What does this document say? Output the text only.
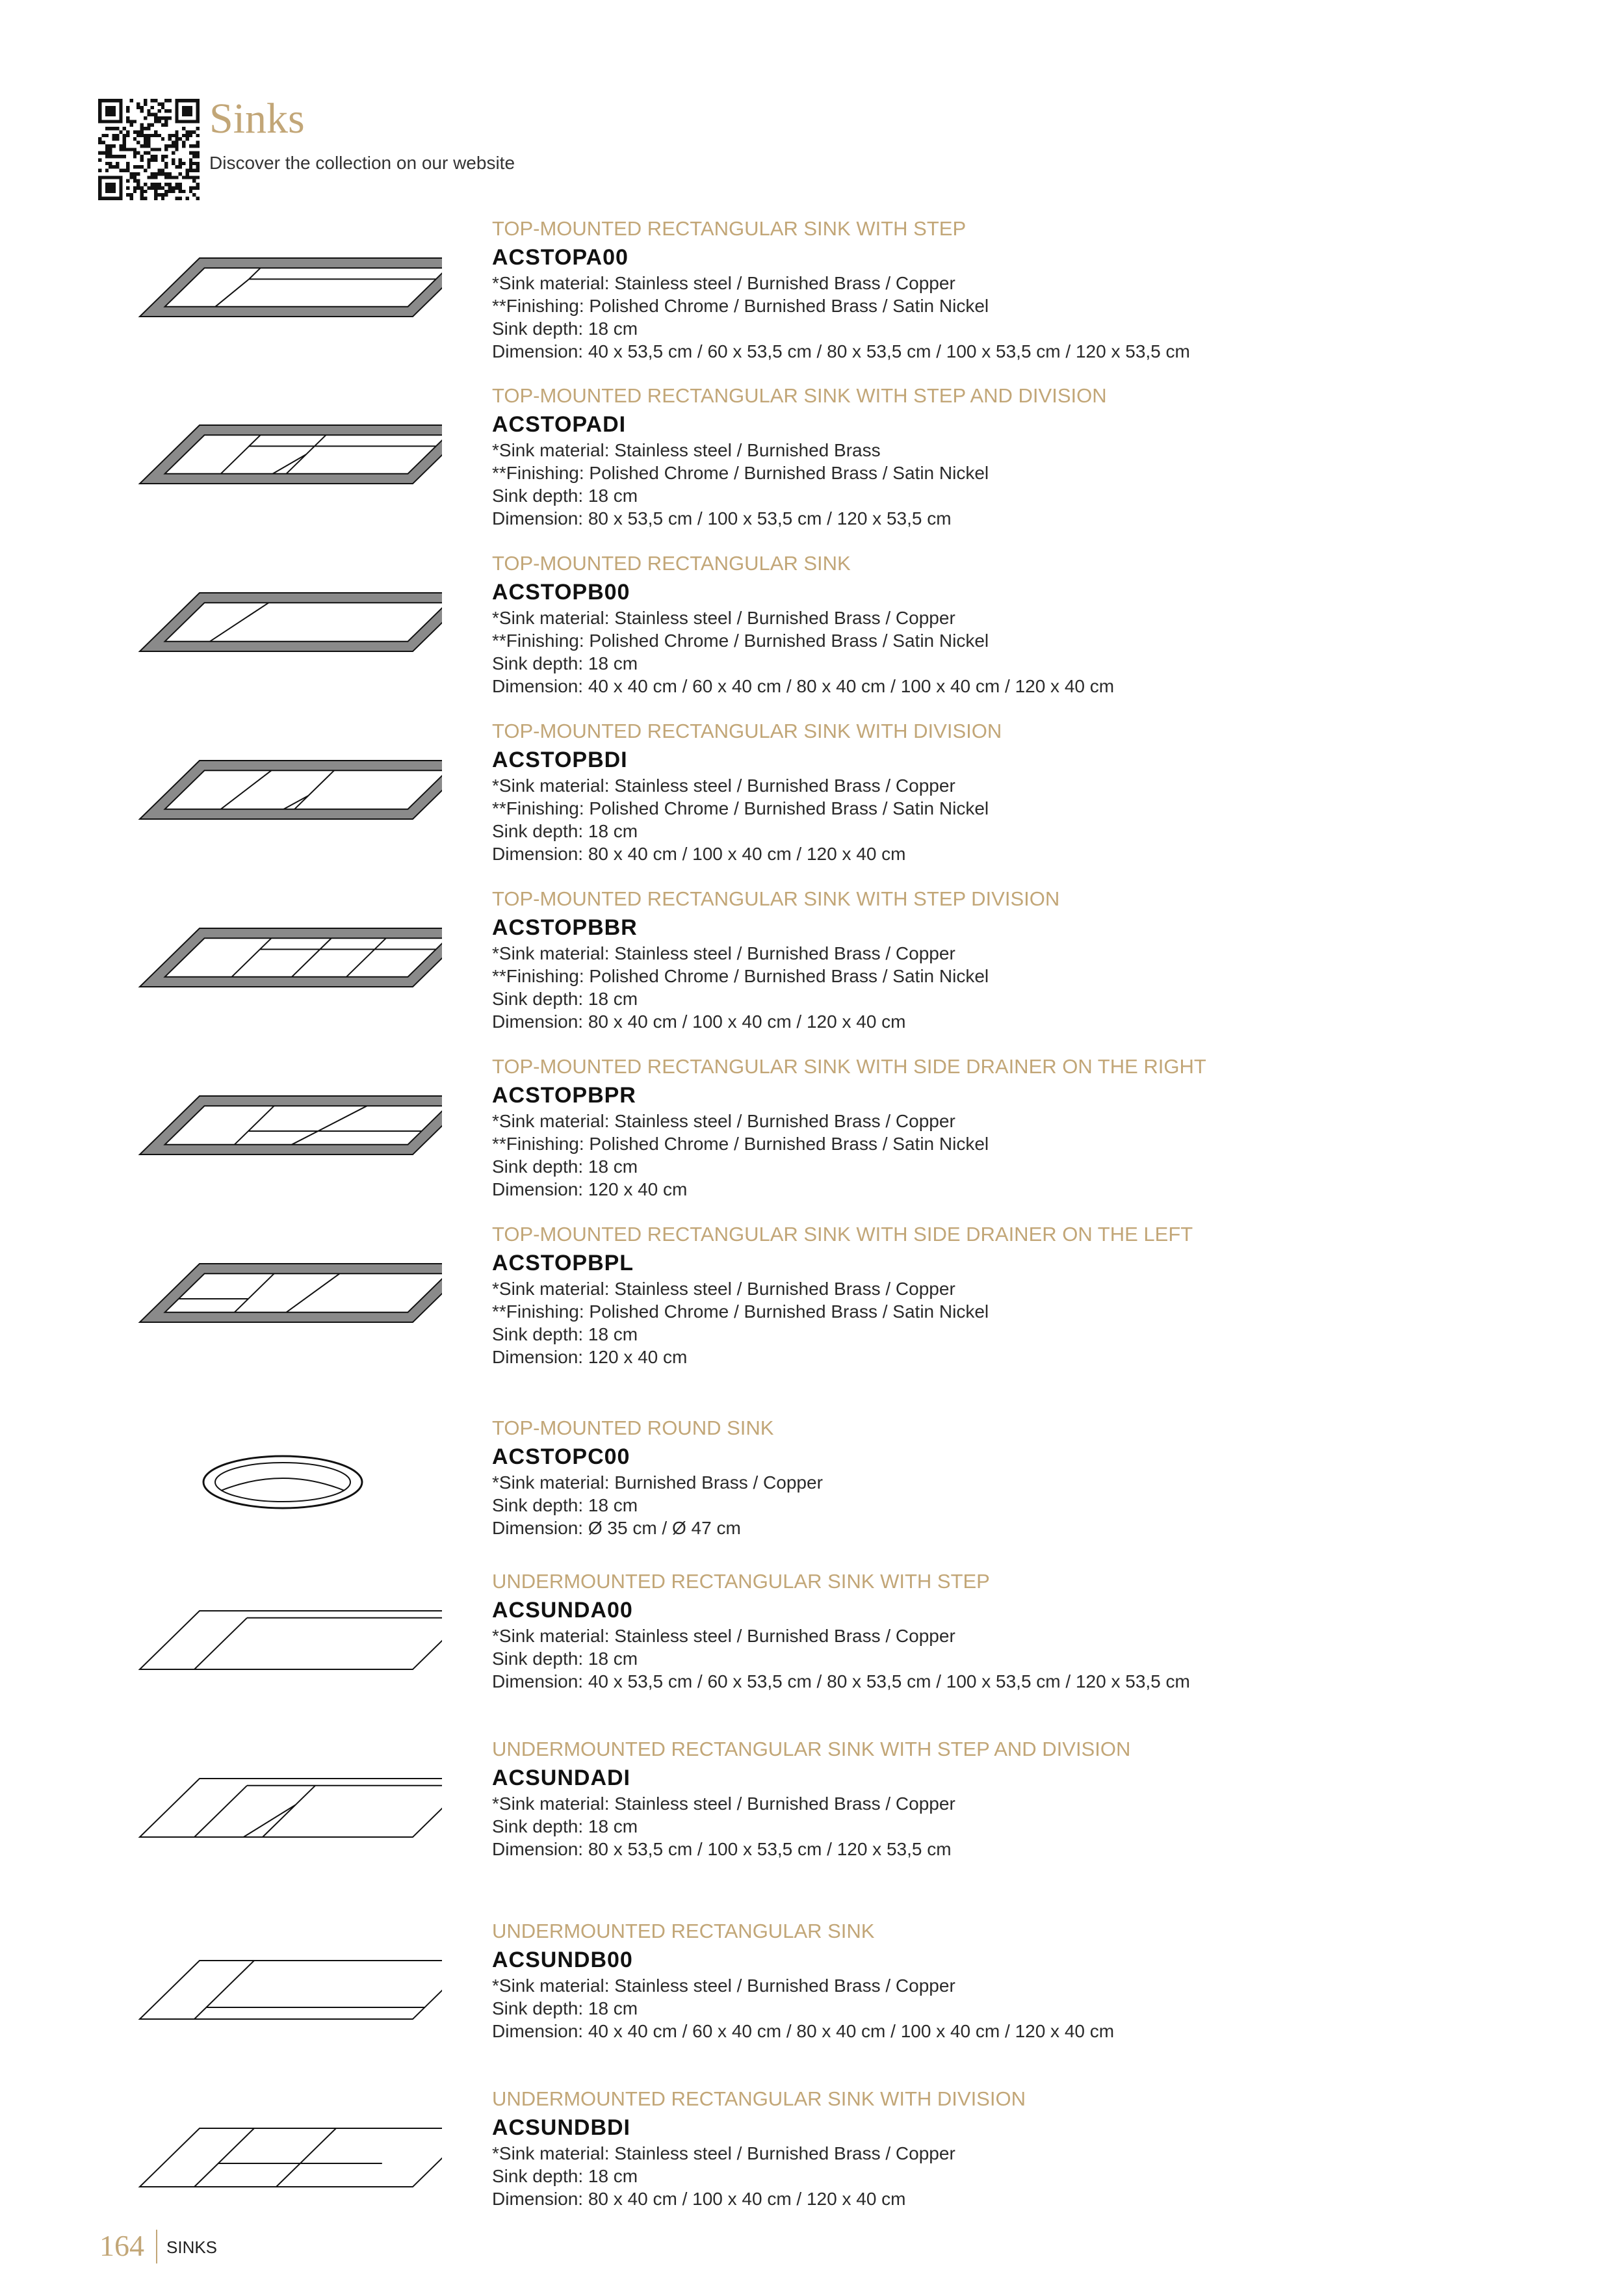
Sinks
Discover the collection on our website
TOP-MOUNTED RECTANGULAR SINK WITH STEP
ACSTOPA00
*Sink material: Stainless steel / Burnished Brass / Copper
**Finishing: Polished Chrome / Burnished Brass / Satin Nickel
Sink depth: 18 cm
Dimension: 40 x 53,5 cm / 60 x 53,5 cm / 80 x 53,5 cm / 100 x 53,5 cm / 120 x 53,5 cm
TOP-MOUNTED RECTANGULAR SINK WITH STEP AND DIVISION
ACSTOPADI
*Sink material: Stainless steel / Burnished Brass
**Finishing: Polished Chrome / Burnished Brass / Satin Nickel
Sink depth: 18 cm
Dimension: 80 x 53,5 cm / 100 x 53,5 cm / 120 x 53,5 cm
TOP-MOUNTED RECTANGULAR SINK
ACSTOPB00
*Sink material: Stainless steel / Burnished Brass / Copper
**Finishing: Polished Chrome / Burnished Brass / Satin Nickel
Sink depth: 18 cm
Dimension: 40 x 40 cm / 60 x 40 cm / 80 x 40 cm / 100 x 40 cm / 120 x 40 cm
TOP-MOUNTED RECTANGULAR SINK WITH DIVISION
ACSTOPBDI
*Sink material: Stainless steel / Burnished Brass / Copper
**Finishing: Polished Chrome / Burnished Brass / Satin Nickel
Sink depth: 18 cm
Dimension: 80 x 40 cm / 100 x 40 cm / 120 x 40 cm
TOP-MOUNTED RECTANGULAR SINK WITH STEP DIVISION
ACSTOPBBR
*Sink material: Stainless steel / Burnished Brass / Copper
**Finishing: Polished Chrome / Burnished Brass / Satin Nickel
Sink depth: 18 cm
Dimension: 80 x 40 cm / 100 x 40 cm / 120 x 40 cm
TOP-MOUNTED RECTANGULAR SINK WITH SIDE DRAINER ON THE RIGHT
ACSTOPBPR
*Sink material: Stainless steel / Burnished Brass / Copper
**Finishing: Polished Chrome / Burnished Brass / Satin Nickel
Sink depth: 18 cm
Dimension: 120 x 40 cm
TOP-MOUNTED RECTANGULAR SINK WITH SIDE DRAINER ON THE LEFT
ACSTOPBPL
*Sink material: Stainless steel / Burnished Brass / Copper
**Finishing: Polished Chrome / Burnished Brass / Satin Nickel
Sink depth: 18 cm
Dimension: 120 x 40 cm
TOP-MOUNTED ROUND SINK
ACSTOPC00
*Sink material: Burnished Brass / Copper
Sink depth: 18 cm
Dimension: Ø 35 cm / Ø 47 cm
UNDERMOUNTED RECTANGULAR SINK WITH STEP
ACSUNDA00
*Sink material: Stainless steel / Burnished Brass / Copper
Sink depth: 18 cm
Dimension: 40 x 53,5 cm / 60 x 53,5 cm / 80 x 53,5 cm / 100 x 53,5 cm / 120 x 53,5 cm
UNDERMOUNTED RECTANGULAR SINK WITH STEP AND DIVISION
ACSUNDADI
*Sink material: Stainless steel / Burnished Brass / Copper
Sink depth: 18 cm
Dimension: 80 x 53,5 cm / 100 x 53,5 cm / 120 x 53,5 cm
UNDERMOUNTED RECTANGULAR SINK
ACSUNDB00
*Sink material: Stainless steel / Burnished Brass / Copper
Sink depth: 18 cm
Dimension: 40 x 40 cm / 60 x 40 cm / 80 x 40 cm / 100 x 40 cm / 120 x 40 cm
UNDERMOUNTED RECTANGULAR SINK WITH DIVISION
ACSUNDBDI
*Sink material: Stainless steel / Burnished Brass / Copper
Sink depth: 18 cm
Dimension: 80 x 40 cm / 100 x 40 cm / 120 x 40 cm
164 SINKS
